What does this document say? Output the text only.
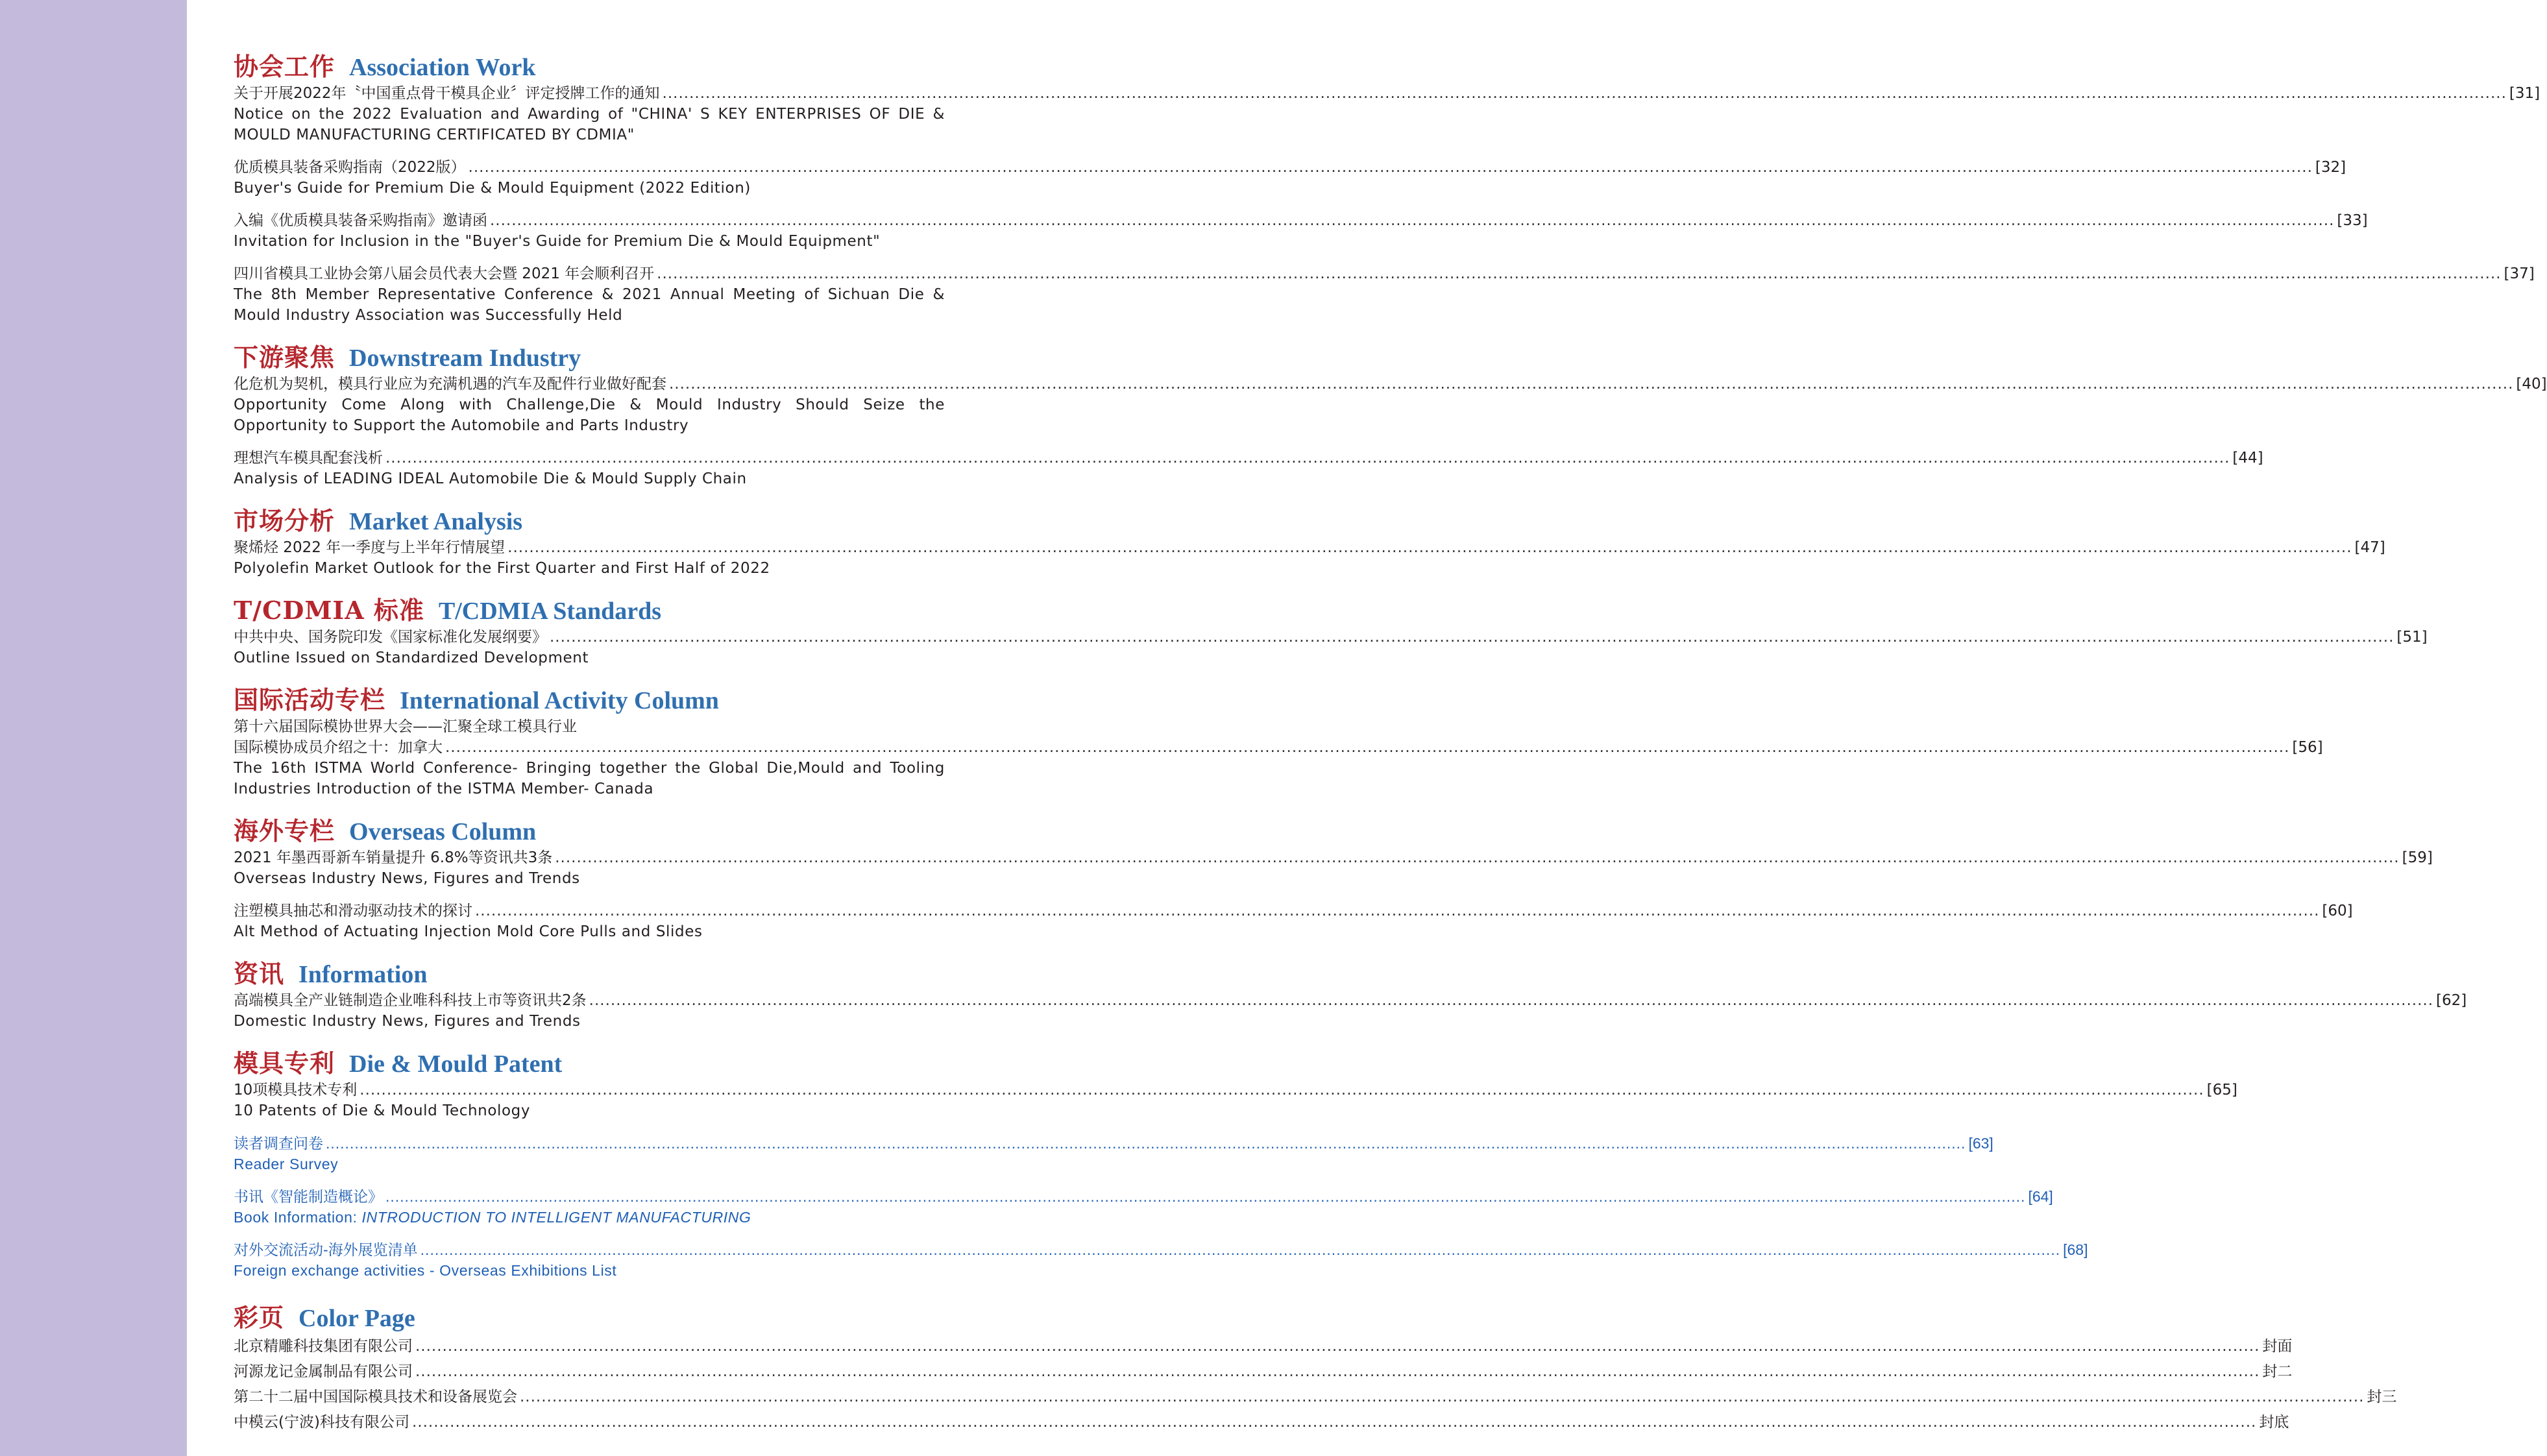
协会工作 Association Work
关于开展2022年〝中国重点骨干模具企业〞评定授牌工作的通知 ...................................................................................................................................................................................................................................................................................................................................................... [31]
Notice on the 2022 Evaluation and Awarding of "CHINA' S KEY ENTERPRISES OF DIE & MOULD MANUFACTURING CERTIFICATED BY CDMIA"
优质模具装备采购指南（2022版） ...................................................................................................................................................................................................................................................................................................................................................... [32]
Buyer's Guide for Premium Die & Mould Equipment (2022 Edition)
入编《优质模具装备采购指南》邀请函 ...................................................................................................................................................................................................................................................................................................................................................... [33]
Invitation for Inclusion in the "Buyer's Guide for Premium Die & Mould Equipment"
四川省模具工业协会第八届会员代表大会暨 2021 年会顺利召开 ...................................................................................................................................................................................................................................................................................................................................................... [37]
The 8th Member Representative Conference & 2021 Annual Meeting of Sichuan Die & Mould Industry Association was Successfully Held
下游聚焦 Downstream Industry
化危机为契机，模具行业应为充满机遇的汽车及配件行业做好配套 ...................................................................................................................................................................................................................................................................................................................................................... [40]
Opportunity Come Along with Challenge,Die & Mould Industry Should Seize the Opportunity to Support the Automobile and Parts Industry
理想汽车模具配套浅析 ...................................................................................................................................................................................................................................................................................................................................................... [44]
Analysis of LEADING IDEAL Automobile Die & Mould Supply Chain
市场分析 Market Analysis
聚烯烃 2022 年一季度与上半年行情展望 ...................................................................................................................................................................................................................................................................................................................................................... [47]
Polyolefin Market Outlook for the First Quarter and First Half of 2022
T/CDMIA 标准 T/CDMIA Standards
中共中央、国务院印发《国家标准化发展纲要》 ...................................................................................................................................................................................................................................................................................................................................................... [51]
Outline Issued on Standardized Development
国际活动专栏 International Activity Column
第十六届国际模协世界大会——汇聚全球工模具行业
国际模协成员介绍之十：加拿大 ...................................................................................................................................................................................................................................................................................................................................................... [56]
The 16th ISTMA World Conference- Bringing together the Global Die,Mould and Tooling Industries Introduction of the ISTMA Member- Canada
海外专栏 Overseas Column
2021 年墨西哥新车销量提升 6.8%等资讯共3条 ...................................................................................................................................................................................................................................................................................................................................................... [59]
Overseas Industry News, Figures and Trends
注塑模具抽芯和滑动驱动技术的探讨 ...................................................................................................................................................................................................................................................................................................................................................... [60]
Alt Method of Actuating Injection Mold Core Pulls and Slides
资讯 Information
高端模具全产业链制造企业唯科科技上市等资讯共2条 ...................................................................................................................................................................................................................................................................................................................................................... [62]
Domestic Industry News, Figures and Trends
模具专利 Die & Mould Patent
10项模具技术专利 ...................................................................................................................................................................................................................................................................................................................................................... [65]
10 Patents of Die & Mould Technology
读者调查问卷 ...................................................................................................................................................................................................................................................................................................................................................... [63]
Reader Survey
书讯《智能制造概论》 ...................................................................................................................................................................................................................................................................................................................................................... [64]
Book Information: INTRODUCTION TO INTELLIGENT MANUFACTURING
对外交流活动-海外展览清单 ...................................................................................................................................................................................................................................................................................................................................................... [68]
Foreign exchange activities - Overseas Exhibitions List
彩页 Color Page
北京精雕科技集团有限公司 ...................................................................................................................................................................................................................................................................................................................................................... 封面
河源龙记金属制品有限公司 ...................................................................................................................................................................................................................................................................................................................................................... 封二
第二十二届中国国际模具技术和设备展览会 ...................................................................................................................................................................................................................................................................................................................................................... 封三
中模云(宁波)科技有限公司 ...................................................................................................................................................................................................................................................................................................................................................... 封底
